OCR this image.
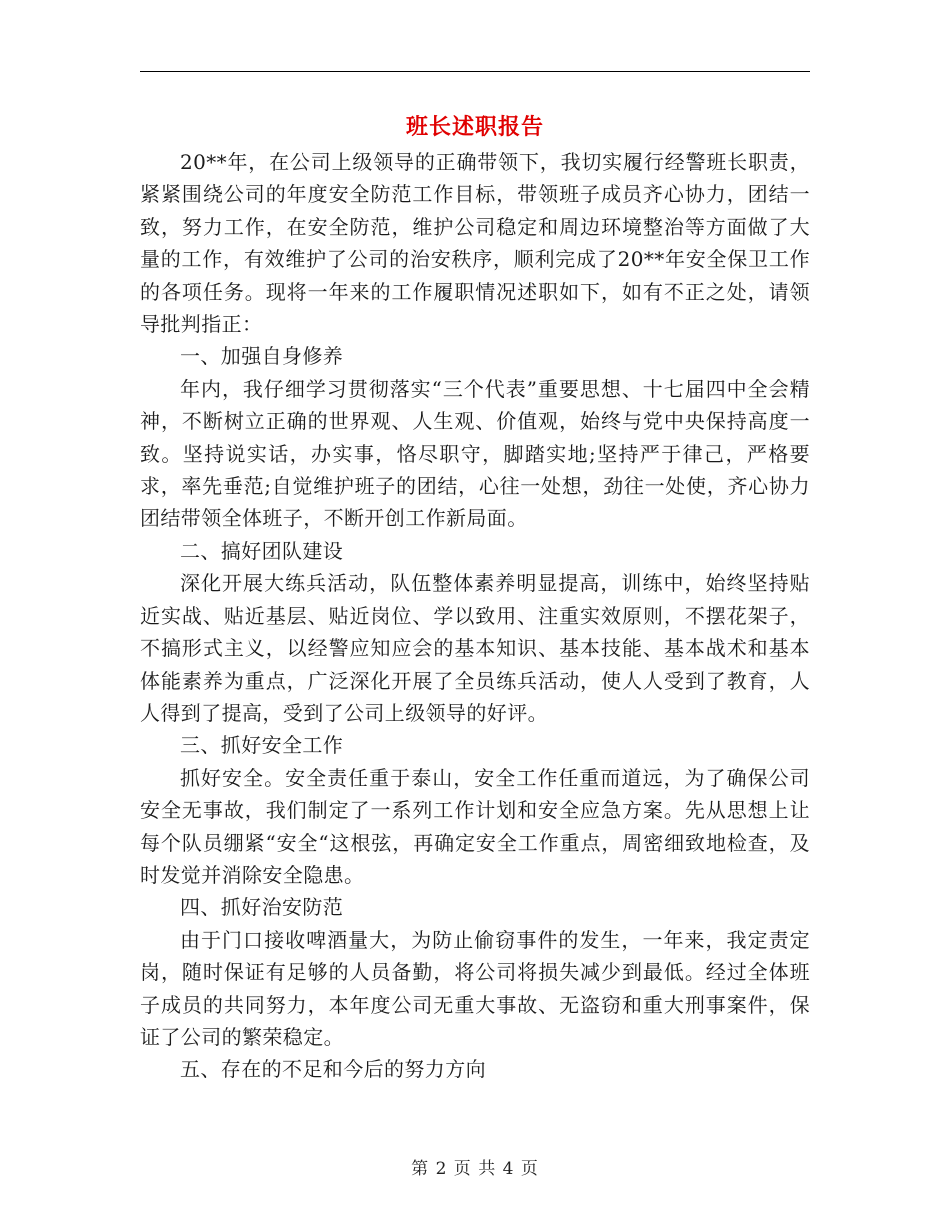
班长述职报告

20**年，在公司上级领导的正确带领下，我切实履行经警班长职责，紧紧围绕公司的年度安全防范工作目标，带领班子成员齐心协力，团结一致，努力工作，在安全防范，维护公司稳定和周边环境整治等方面做了大量的工作，有效维护了公司的治安秩序，顺利完成了20**年安全保卫工作的各项任务。现将一年来的工作履职情况述职如下，如有不正之处，请领导批判指正：

一、加强自身修养

年内，我仔细学习贯彻落实“三个代表”重要思想、十七届四中全会精神，不断树立正确的世界观、人生观、价值观，始终与党中央保持高度一致。坚持说实话，办实事，恪尽职守，脚踏实地;坚持严于律己，严格要求，率先垂范;自觉维护班子的团结，心往一处想，劲往一处使，齐心协力团结带领全体班子，不断开创工作新局面。

二、搞好团队建设

深化开展大练兵活动，队伍整体素养明显提高，训练中，始终坚持贴近实战、贴近基层、贴近岗位、学以致用、注重实效原则，不摆花架子，不搞形式主义，以经警应知应会的基本知识、基本技能、基本战术和基本体能素养为重点，广泛深化开展了全员练兵活动，使人人受到了教育，人人得到了提高，受到了公司上级领导的好评。

三、抓好安全工作

抓好安全。安全责任重于泰山，安全工作任重而道远，为了确保公司安全无事故，我们制定了一系列工作计划和安全应急方案。先从思想上让每个队员绷紧“安全“这根弦，再确定安全工作重点，周密细致地检查，及时发觉并消除安全隐患。

四、抓好治安防范

由于门口接收啤酒量大，为防止偷窃事件的发生，一年来，我定责定岗，随时保证有足够的人员备勤，将公司将损失减少到最低。经过全体班子成员的共同努力，本年度公司无重大事故、无盗窃和重大刑事案件，保证了公司的繁荣稳定。

五、存在的不足和今后的努力方向

第 2 页 共 4 页
